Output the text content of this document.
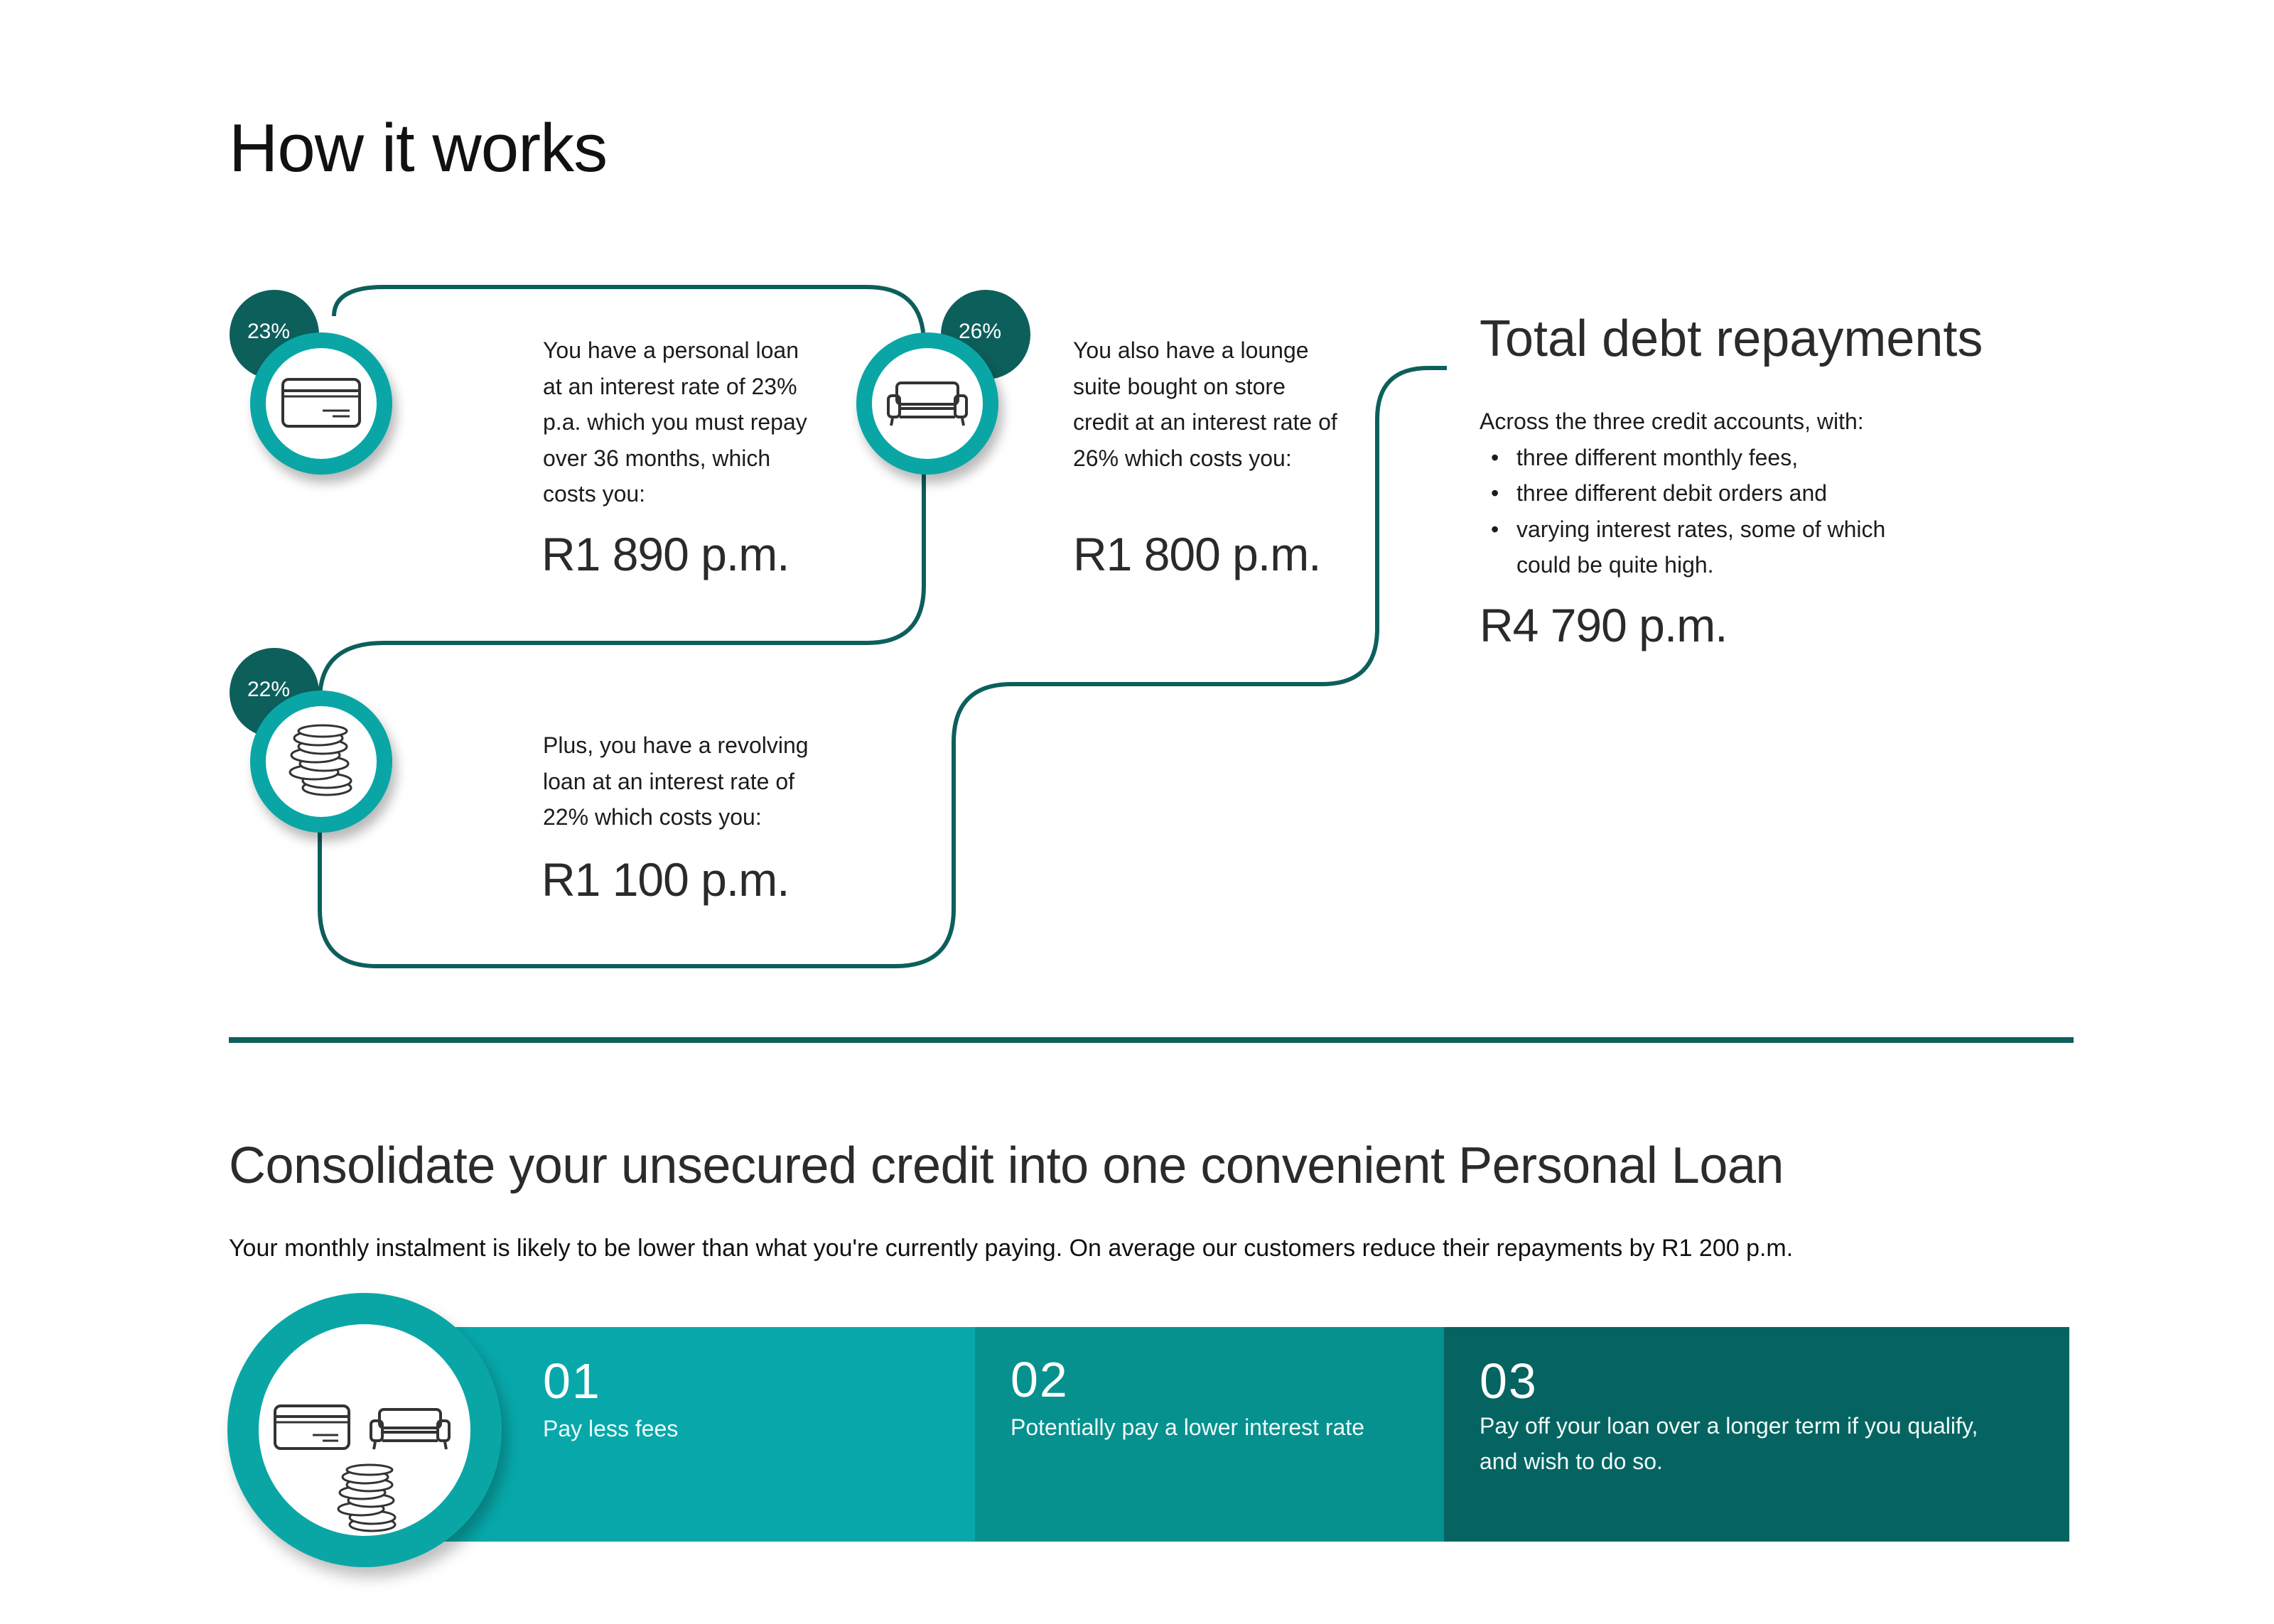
How it works
23%
You have a personal loan
at an interest rate of 23%
p.a. which you must repay
over 36 months, which
costs you:
R1 890 p.m.
26%
You also have a lounge
suite bought on store
credit at an interest rate of
26% which costs you:
R1 800 p.m.
22%
Plus, you have a revolving
loan at an interest rate of
22% which costs you:
R1 100 p.m.
Total debt repayments
Across the three credit accounts, with:
• three different monthly fees,
• three different debit orders and
• varying interest rates, some of which
could be quite high.
R4 790 p.m.
Consolidate your unsecured credit into one convenient Personal Loan
Your monthly instalment is likely to be lower than what you're currently paying. On average our customers reduce their repayments by R1 200 p.m.
01
Pay less fees
02
Potentially pay a lower interest rate
03
Pay off your loan over a longer term if you qualify,
and wish to do so.
